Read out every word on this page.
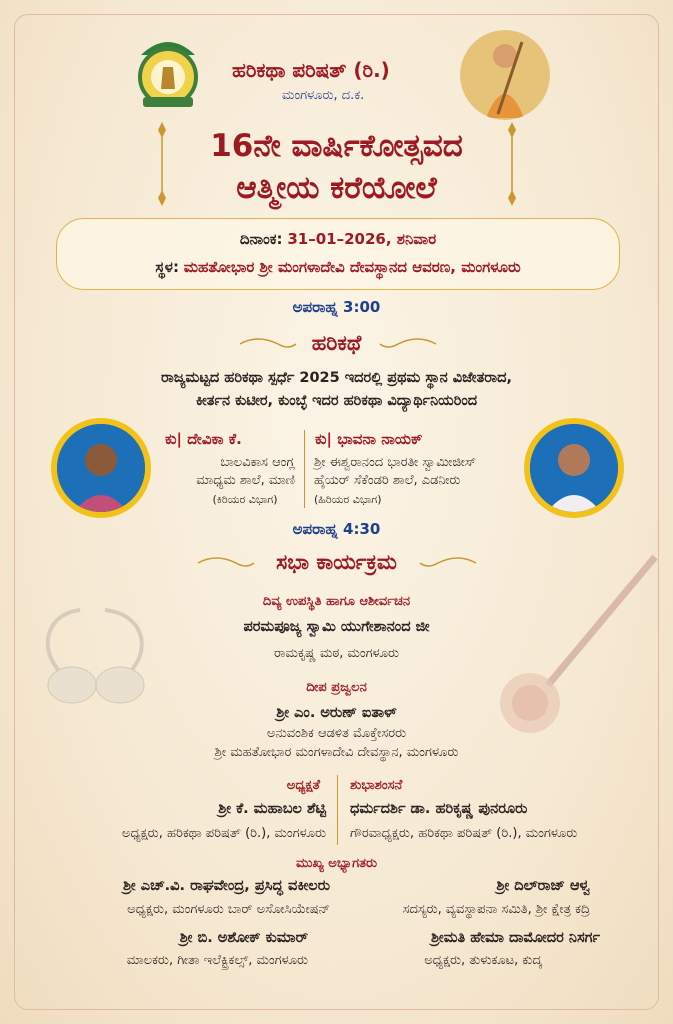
ಹರಿಕಥಾ ಪರಿಷತ್ (ರಿ.)
ಮಂಗಳೂರು, ದ.ಕ.
16ನೇ ವಾರ್ಷಿಕೋತ್ಸವದ
ಆತ್ಮೀಯ ಕರೆಯೋಲೆ
ದಿನಾಂಕ: 31–01–2026, ಶನಿವಾರ
ಸ್ಥಳ: ಮಹತೋಭಾರ ಶ್ರೀ ಮಂಗಳಾದೇವಿ ದೇವಸ್ಥಾನದ ಆವರಣ, ಮಂಗಳೂರು
ಅಪರಾಹ್ನ 3:00
ಹರಿಕಥೆ
ರಾಜ್ಯಮಟ್ಟದ ಹರಿಕಥಾ ಸ್ಪರ್ಧೆ 2025 ಇದರಲ್ಲಿ ಪ್ರಥಮ ಸ್ಥಾನ ವಿಜೇತರಾದ,
ಕೀರ್ತನ ಕುಟೀರ, ಕುಂಬ್ಳೆ ಇದರ ಹರಿಕಥಾ ವಿದ್ಯಾರ್ಥಿನಿಯರಿಂದ
ಕು| ದೇವಿಕಾ ಕೆ.
ಬಾಲವಿಕಾಸ ಆಂಗ್ಲ
ಮಾಧ್ಯಮ ಶಾಲೆ, ಮಾಣಿ
(ಕಿರಿಯರ ವಿಭಾಗ)
ಕು| ಭಾವನಾ ನಾಯಕ್
ಶ್ರೀ ಈಶ್ವರಾನಂದ ಭಾರತೀ ಸ್ವಾಮೀಜೀಸ್
ಹೈಯರ್ ಸೆಕೆಂಡರಿ ಶಾಲೆ, ಎಡನೀರು
(ಹಿರಿಯರ ವಿಭಾಗ)
ಅಪರಾಹ್ನ 4:30
ಸಭಾ ಕಾರ್ಯಕ್ರಮ
ದಿವ್ಯ ಉಪಸ್ಥಿತಿ ಹಾಗೂ ಆಶೀರ್ವಚನ
ಪರಮಪೂಜ್ಯ ಸ್ವಾಮಿ ಯುಗೇಶಾನಂದ ಜೀ
ರಾಮಕೃಷ್ಣ ಮಠ, ಮಂಗಳೂರು
ದೀಪ ಪ್ರಜ್ವಲನ
ಶ್ರೀ ಎಂ. ಅರುಣ್ ಐತಾಳ್
ಅನುವಂಶಿಕ ಆಡಳಿತ ಮೊಕ್ತೇಸರರು
ಶ್ರೀ ಮಹತೋಭಾರ ಮಂಗಳಾದೇವಿ ದೇವಸ್ಥಾನ, ಮಂಗಳೂರು
ಅಧ್ಯಕ್ಷತೆ
ಶ್ರೀ ಕೆ. ಮಹಾಬಲ ಶೆಟ್ಟಿ
ಅಧ್ಯಕ್ಷರು, ಹರಿಕಥಾ ಪರಿಷತ್ (ರಿ.), ಮಂಗಳೂರು
ಶುಭಾಶಂಸನೆ
ಧರ್ಮದರ್ಶಿ ಡಾ. ಹರಿಕೃಷ್ಣ ಪುನರೂರು
ಗೌರವಾಧ್ಯಕ್ಷರು, ಹರಿಕಥಾ ಪರಿಷತ್ (ರಿ.), ಮಂಗಳೂರು
ಮುಖ್ಯ ಅಭ್ಯಾಗತರು
ಶ್ರೀ ಎಚ್.ವಿ. ರಾಘವೇಂದ್ರ, ಪ್ರಸಿದ್ಧ ವಕೀಲರು
ಅಧ್ಯಕ್ಷರು, ಮಂಗಳೂರು ಬಾರ್ ಅಸೋಸಿಯೇಷನ್
ಶ್ರೀ ದಿಲ್‌ರಾಜ್ ಆಳ್ವ
ಸದಸ್ಯರು, ವ್ಯವಸ್ಥಾಪನಾ ಸಮಿತಿ, ಶ್ರೀ ಕ್ಷೇತ್ರ ಕದ್ರಿ
ಶ್ರೀ ಬಿ. ಅಶೋಕ್ ಕುಮಾರ್
ಮಾಲಕರು, ಗೀತಾ ಇಲೆಕ್ಟ್ರಿಕಲ್ಸ್, ಮಂಗಳೂರು
ಶ್ರೀಮತಿ ಹೇಮಾ ದಾಮೋದರ ನಿಸರ್ಗ
ಅಧ್ಯಕ್ಷರು, ತುಳುಕೂಟ, ಕುದ್ಕ
